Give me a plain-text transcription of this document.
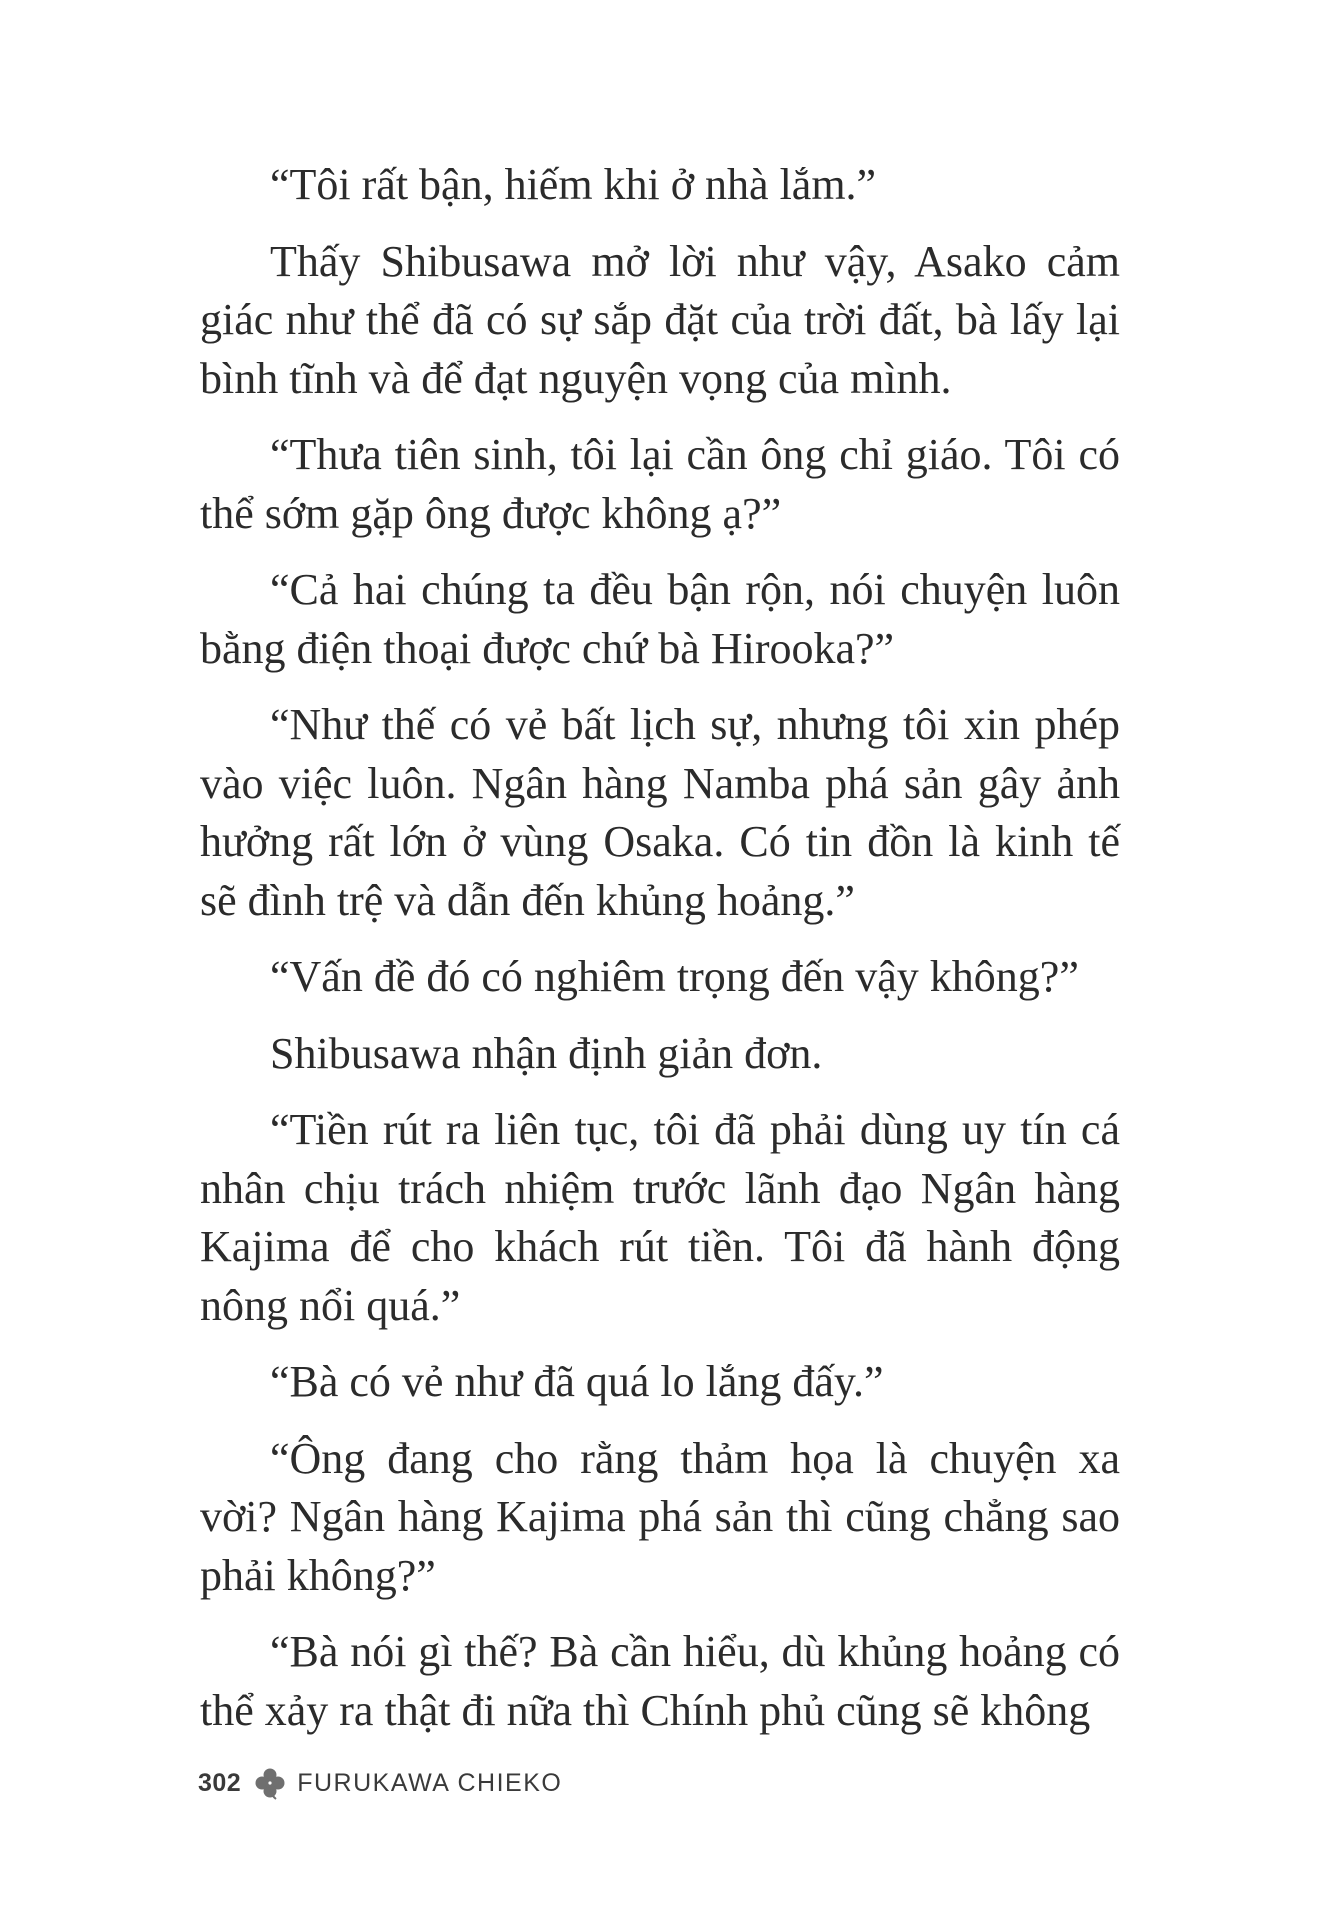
“Tôi rất bận, hiếm khi ở nhà lắm.”

Thấy Shibusawa mở lời như vậy, Asako cảm giác như thể đã có sự sắp đặt của trời đất, bà lấy lại bình tĩnh và để đạt nguyện vọng của mình.

“Thưa tiên sinh, tôi lại cần ông chỉ giáo. Tôi có thể sớm gặp ông được không ạ?”

“Cả hai chúng ta đều bận rộn, nói chuyện luôn bằng điện thoại được chứ bà Hirooka?”

“Như thế có vẻ bất lịch sự, nhưng tôi xin phép vào việc luôn. Ngân hàng Namba phá sản gây ảnh hưởng rất lớn ở vùng Osaka. Có tin đồn là kinh tế sẽ đình trệ và dẫn đến khủng hoảng.”

“Vấn đề đó có nghiêm trọng đến vậy không?”

Shibusawa nhận định giản đơn.

“Tiền rút ra liên tục, tôi đã phải dùng uy tín cá nhân chịu trách nhiệm trước lãnh đạo Ngân hàng Kajima để cho khách rút tiền. Tôi đã hành động nông nổi quá.”

“Bà có vẻ như đã quá lo lắng đấy.”

“Ông đang cho rằng thảm họa là chuyện xa vời? Ngân hàng Kajima phá sản thì cũng chẳng sao phải không?”

“Bà nói gì thế? Bà cần hiểu, dù khủng hoảng có thể xảy ra thật đi nữa thì Chính phủ cũng sẽ không

302 FURUKAWA CHIEKO
